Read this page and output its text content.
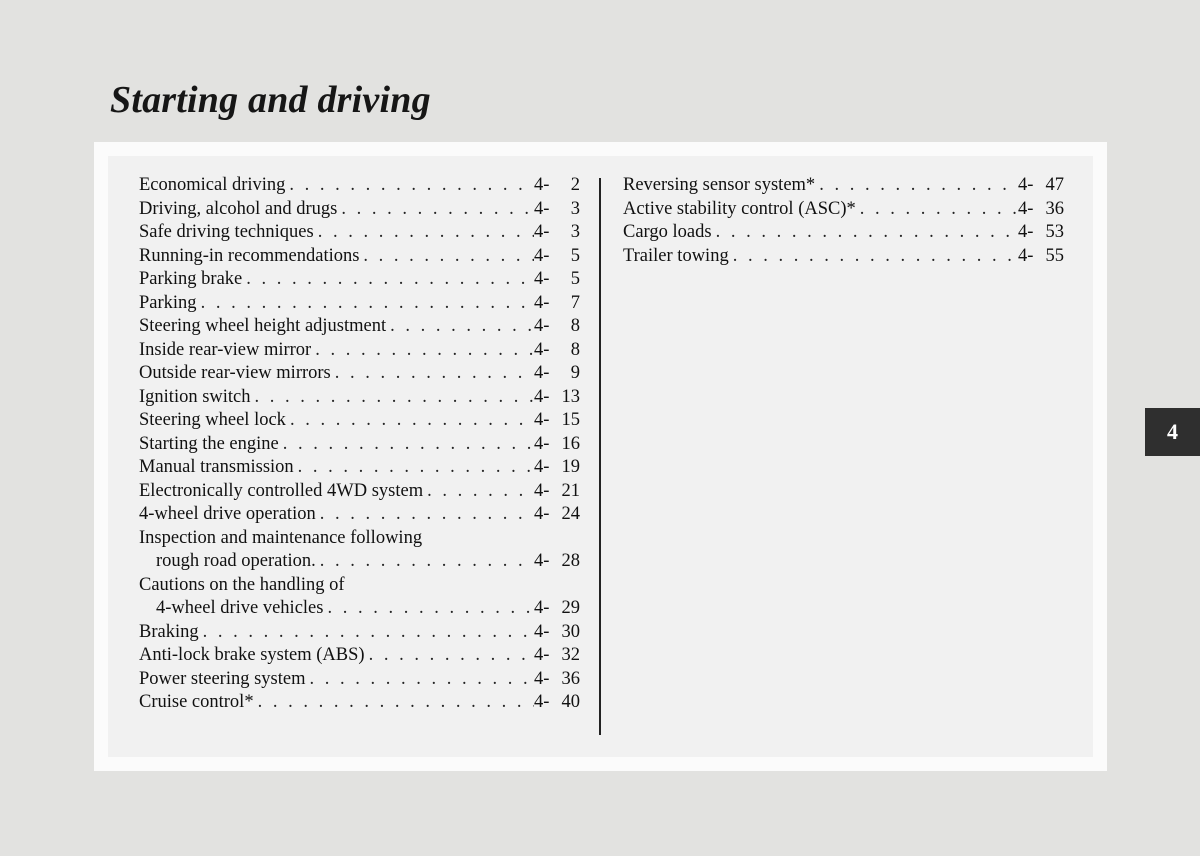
Starting and driving
Economical driving . . .	4-	2
Driving, alcohol and drugs . . .	4-	3
Safe driving techniques . . .	4-	3
Running-in recommendations . . .	4-	5
Parking brake . . .	4-	5
Parking . . .	4-	7
Steering wheel height adjustment . . .	4-	8
Inside rear-view mirror . . .	4-	8
Outside rear-view mirrors . . .	4-	9
Ignition switch . . .	4- 13
Steering wheel lock . . .	4- 15
Starting the engine . . .	4- 16
Manual transmission . . .	4- 19
Electronically controlled 4WD system . . .	4- 21
4-wheel drive operation . . .	4- 24
Inspection and maintenance following
rough road operation. . . .	4- 28
Cautions on the handling of
4-wheel drive vehicles . . .	4- 29
Braking . . .	4- 30
Anti-lock brake system (ABS) . . .	4- 32
Power steering system . . .	4- 36
Cruise control* . . .	4- 40
Reversing sensor system* . . .	4- 47
Active stability control (ASC)* . . .	4- 36
Cargo loads . . .	4- 53
Trailer towing . . .	4- 55
4
